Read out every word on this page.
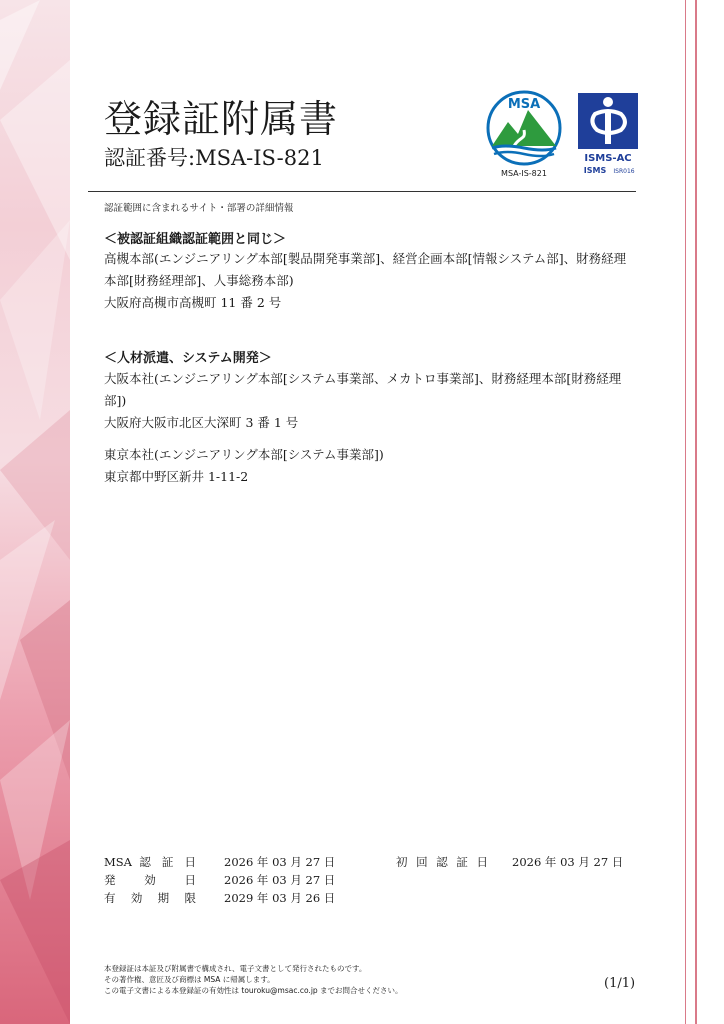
登録証附属書
認証番号:MSA-IS-821
MSA
MSA-IS-821
ISMS-AC
ISMS ISR016
認証範囲に含まれるサイト・部署の詳細情報
＜被認証組織認証範囲と同じ＞

高槻本部(エンジニアリング本部[製品開発事業部]、経営企画本部[情報システム部]、財務経理本部[財務経理部]、人事総務本部)

大阪府高槻市高槻町 11 番 2 号

＜人材派遣、システム開発＞

大阪本社(エンジニアリング本部[システム事業部、メカトロ事業部]、財務経理本部[財務経理部])

大阪府大阪市北区大深町 3 番 1 号

東京本社(エンジニアリング本部[システム事業部])

東京都中野区新井 1-11-2

MSA 認 証 日 2026 年 03 月 27 日	初 回 認 証 日 2026 年 03 月 27 日
発 効 日 2026 年 03 月 27 日
有 効 期 限 2029 年 03 月 26 日
本登録証は本証及び附属書で構成され、電子文書として発行されたものです。
その著作権、意匠及び商標は MSA に帰属します。
この電子文書による本登録証の有効性は touroku@msac.co.jp までお問合せください。	(1/1)
